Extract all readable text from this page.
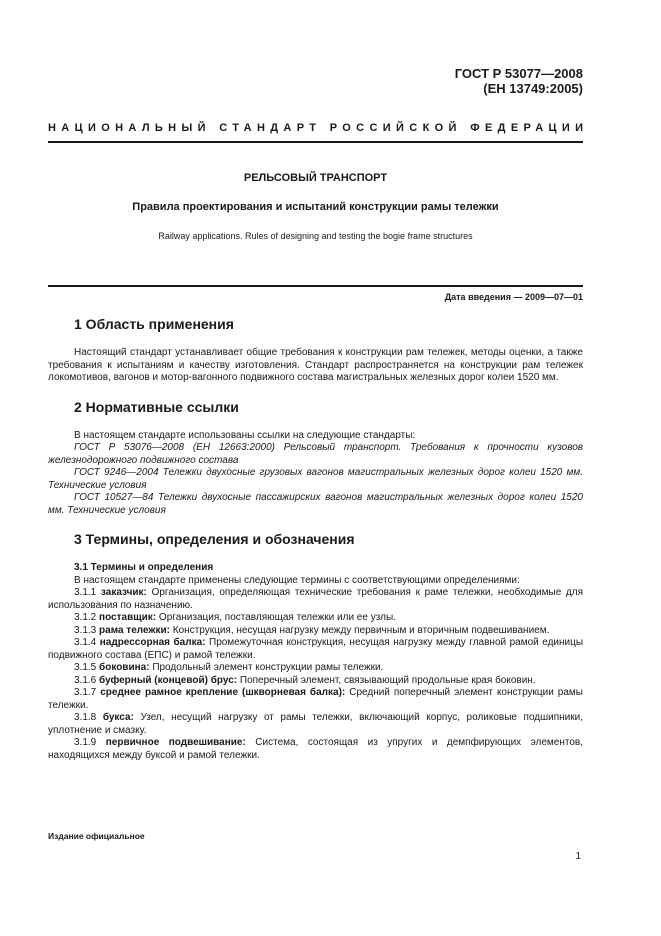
ГОСТ Р 53077—2008
(ЕН 13749:2005)
НАЦИОНАЛЬНЫЙ СТАНДАРТ РОССИЙСКОЙ ФЕДЕРАЦИИ
РЕЛЬСОВЫЙ ТРАНСПОРТ
Правила проектирования и испытаний конструкции рамы тележки
Railway applications. Rules of designing and testing the bogie frame structures
Дата введения — 2009—07—01
1 Область применения

Настоящий стандарт устанавливает общие требования к конструкции рам тележек, методы оценки, а также требования к испытаниям и качеству изготовления. Стандарт распространяется на конструкции рам тележек локомотивов, вагонов и мотор-вагонного подвижного состава магистральных железных дорог колеи 1520 мм.

2 Нормативные ссылки

В настоящем стандарте использованы ссылки на следующие стандарты:

ГОСТ Р 53076—2008 (ЕН 12663:2000) Рельсовый транспорт. Требования к прочности кузовов железнодорожного подвижного состава

ГОСТ 9246—2004 Тележки двухосные грузовых вагонов магистральных железных дорог колеи 1520 мм. Технические условия

ГОСТ 10527—84 Тележки двухосные пассажирских вагонов магистральных железных дорог колеи 1520 мм. Технические условия

3 Термины, определения и обозначения

3.1 Термины и определения

В настоящем стандарте применены следующие термины с соответствующими определениями:

3.1.1 заказчик: Организация, определяющая технические требования к раме тележки, необходимые для использования по назначению.

3.1.2 поставщик: Организация, поставляющая тележки или ее узлы.

3.1.3 рама тележки: Конструкция, несущая нагрузку между первичным и вторичным подвешиванием.

3.1.4 надрессорная балка: Промежуточная конструкция, несущая нагрузку между главной рамой единицы подвижного состава (ЕПС) и рамой тележки.

3.1.5 боковина: Продольный элемент конструкции рамы тележки.

3.1.6 буферный (концевой) брус: Поперечный элемент, связывающий продольные края боковин.

3.1.7 среднее рамное крепление (шкворневая балка): Средний поперечный элемент конструкции рамы тележки.

3.1.8 букса: Узел, несущий нагрузку от рамы тележки, включающий корпус, роликовые подшипники, уплотнение и смазку.

3.1.9 первичное подвешивание: Система, состоящая из упругих и демпфирующих элементов, находящихся между буксой и рамой тележки.

Издание официальное
1
